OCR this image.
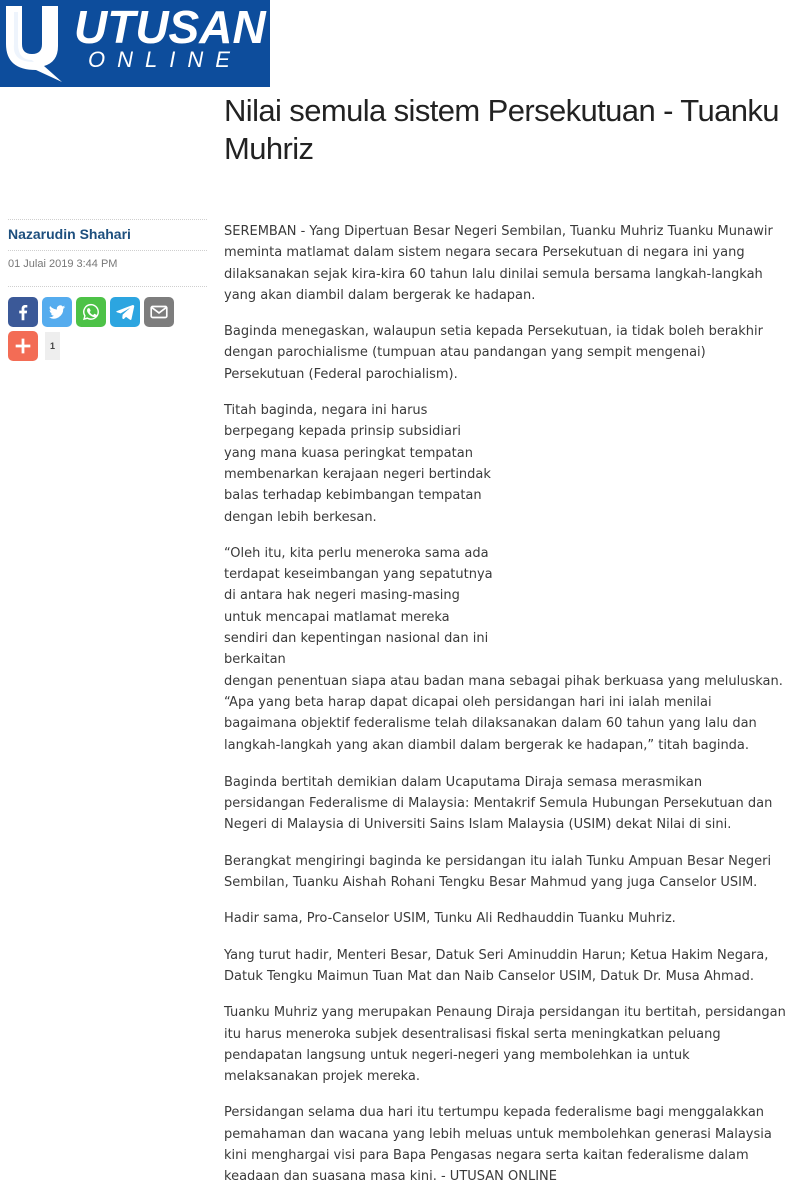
UTUSAN
ONLINE
Nilai semula sistem Persekutuan - Tuanku Muhriz
Nazarudin Shahari
01 Julai 2019 3:44 PM
1

SEREMBAN - Yang Dipertuan Besar Negeri Sembilan, Tuanku Muhriz Tuanku Munawir meminta matlamat dalam sistem negara secara Persekutuan di negara ini yang dilaksanakan sejak kira-kira 60 tahun lalu dinilai semula bersama langkah-langkah yang akan diambil dalam bergerak ke hadapan.

Baginda menegaskan, walaupun setia kepada Persekutuan, ia tidak boleh berakhir dengan parochialisme (tumpuan atau pandangan yang sempit mengenai) Persekutuan (Federal parochialism).

Titah baginda, negara ini harus berpegang kepada prinsip subsidiari yang mana kuasa peringkat tempatan membenarkan kerajaan negeri bertindak balas terhadap kebimbangan tempatan dengan lebih berkesan.

“Oleh itu, kita perlu meneroka sama ada terdapat keseimbangan yang sepatutnya di antara hak negeri masing-masing untuk mencapai matlamat mereka sendiri dan kepentingan nasional dan ini berkaitan

dengan penentuan siapa atau badan mana sebagai pihak berkuasa yang meluluskan. “Apa yang beta harap dapat dicapai oleh persidangan hari ini ialah menilai bagaimana objektif federalisme telah dilaksanakan dalam 60 tahun yang lalu dan langkah-langkah yang akan diambil dalam bergerak ke hadapan,” titah baginda.

Baginda bertitah demikian dalam Ucaputama Diraja semasa merasmikan persidangan Federalisme di Malaysia: Mentakrif Semula Hubungan Persekutuan dan Negeri di Malaysia di Universiti Sains Islam Malaysia (USIM) dekat Nilai di sini.

Berangkat mengiringi baginda ke persidangan itu ialah Tunku Ampuan Besar Negeri Sembilan, Tuanku Aishah Rohani Tengku Besar Mahmud yang juga Canselor USIM.

Hadir sama, Pro-Canselor USIM, Tunku Ali Redhauddin Tuanku Muhriz.

Yang turut hadir, Menteri Besar, Datuk Seri Aminuddin Harun; Ketua Hakim Negara, Datuk Tengku Maimun Tuan Mat dan Naib Canselor USIM, Datuk Dr. Musa Ahmad.

Tuanku Muhriz yang merupakan Penaung Diraja persidangan itu bertitah, persidangan itu harus meneroka subjek desentralisasi fiskal serta meningkatkan peluang pendapatan langsung untuk negeri-negeri yang membolehkan ia untuk melaksanakan projek mereka.

Persidangan selama dua hari itu tertumpu kepada federalisme bagi menggalakkan pemahaman dan wacana yang lebih meluas untuk membolehkan generasi Malaysia kini menghargai visi para Bapa Pengasas negara serta kaitan federalisme dalam keadaan dan suasana masa kini. - UTUSAN ONLINE
